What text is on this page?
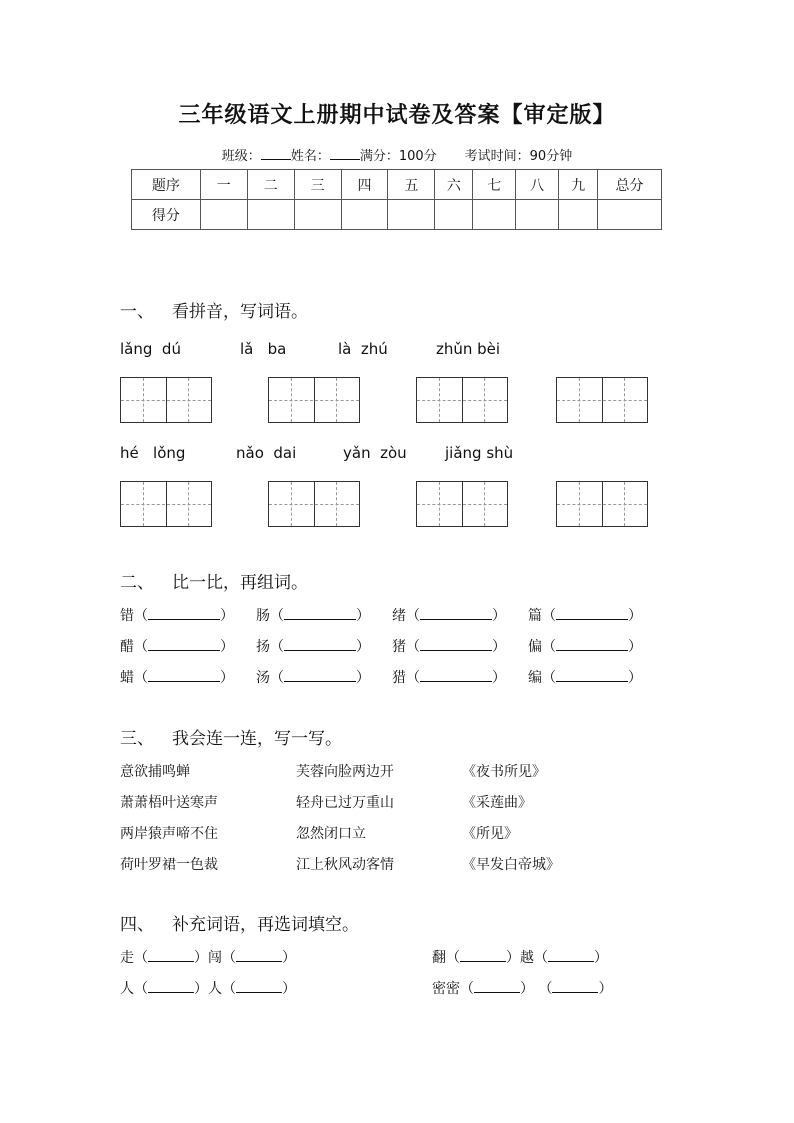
三年级语文上册期中试卷及答案【审定版】
班级： 姓名： 满分：100分 考试时间：90分钟
题序	一	二	三	四	五	六	七	八	九	总分
得分										
一、 看拼音，写词语。
lǎng  dú	lǎ   ba	là  zhú	zhǔn bèi
hé   lǒng	nǎo  dai	yǎn  zòu	jiǎng shù
二、 比一比，再组词。
错（	） 肠（	） 绪（	） 篇（	）
醋（	） 扬（	） 猪（	） 偏（	）
蜡（	） 汤（	） 猎（	） 编（	）
三、 我会连一连，写一写。
意欲捕鸣蝉	芙蓉向脸两边开	《夜书所见》
萧萧梧叶送寒声	轻舟已过万重山	《采莲曲》
两岸猿声啼不住	忽然闭口立	《所见》
荷叶罗裙一色裁	江上秋风动客情	《早发白帝城》
四、 补充词语，再选词填空。
走（	）闯（	）	翻（	）越（	）
人（	）人（	）	密密（	） （	）
